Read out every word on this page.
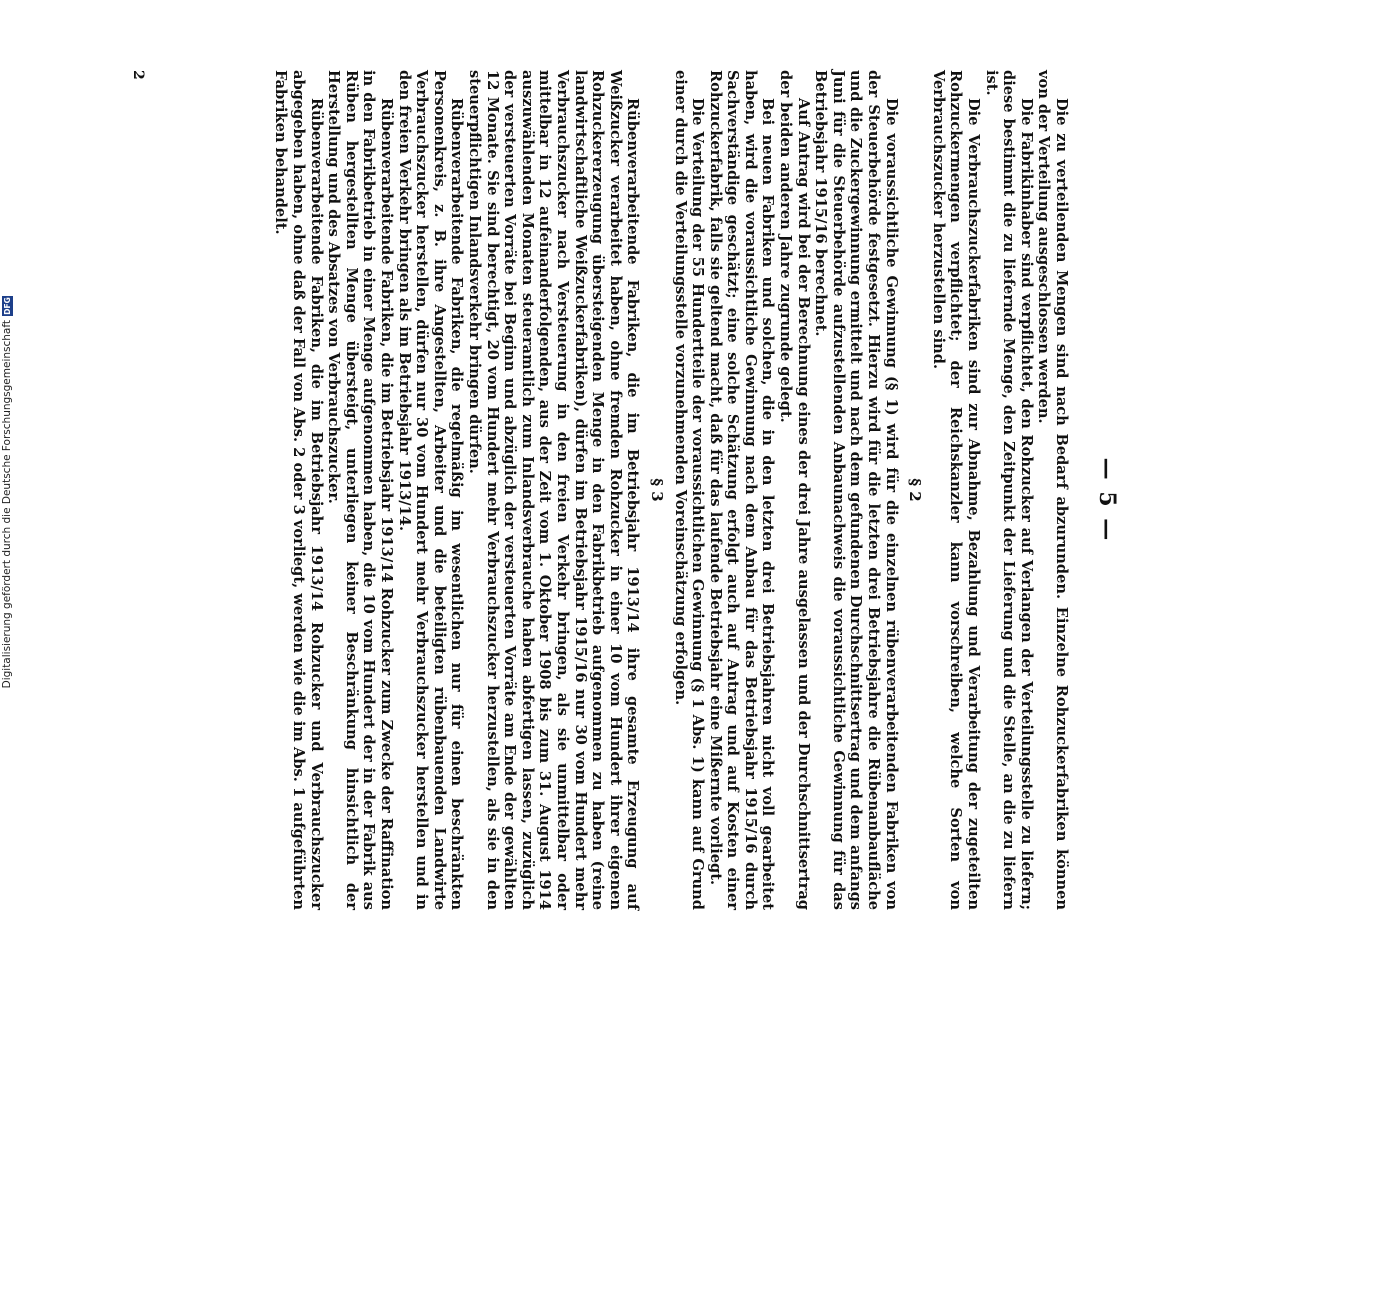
— 5 —

Die zu verteilenden Mengen sind nach Bedarf abzurunden. Einzelne Rohzuckerfabriken können von der Verteilung ausgeschlossen werden.

Die Fabrikinhaber sind verpflichtet, den Rohzucker auf Verlangen der Verteilungsstelle zu liefern; diese bestimmt die zu liefernde Menge, den Zeitpunkt der Lieferung und die Stelle, an die zu liefern ist.

Die Verbrauchszuckerfabriken sind zur Abnahme, Bezahlung und Verarbeitung der zugeteilten Rohzuckermengen verpflichtet; der Reichskanzler kann vorschreiben, welche Sorten von Verbrauchszucker herzustellen sind.

§ 2

Die voraussichtliche Gewinnung (§ 1) wird für die einzelnen rübenverarbeitenden Fabriken von der Steuerbehörde festgesetzt. Hierzu wird für die letzten drei Betriebsjahre die Rübenanbaufläche und die Zuckergewinnung ermittelt und nach dem gefundenen Durchschnittsertrag und dem anfangs Juni für die Steuerbehörde aufzustellenden Anbaunachweis die voraussichtliche Gewinnung für das Betriebsjahr 1915/16 berechnet.

Auf Antrag wird bei der Berechnung eines der drei Jahre ausgelassen und der Durchschnittsertrag der beiden anderen Jahre zugrunde gelegt.

Bei neuen Fabriken und solchen, die in den letzten drei Betriebsjahren nicht voll gearbeitet haben, wird die voraussichtliche Gewinnung nach dem Anbau für das Betriebsjahr 1915/16 durch Sachverständige geschätzt; eine solche Schätzung erfolgt auch auf Antrag und auf Kosten einer Rohzuckerfabrik, falls sie geltend macht, daß für das laufende Betriebsjahr eine Mißernte vorliegt.

Die Verteilung der 55 Hundertteile der voraussichtlichen Gewinnung (§ 1 Abs. 1) kann auf Grund einer durch die Verteilungsstelle vorzunehmenden Voreinschätzung erfolgen.

§ 3

Rübenverarbeitende Fabriken, die im Betriebsjahr 1913/14 ihre gesamte Erzeugung auf Weißzucker verarbeitet haben, ohne fremden Rohzucker in einer 10 vom Hundert ihrer eigenen Rohzuckererzeugung übersteigenden Menge in den Fabrikbetrieb aufgenommen zu haben (reine landwirtschaftliche Weißzuckerfabriken), dürfen im Betriebsjahr 1915/16 nur 30 vom Hundert mehr Verbrauchszucker nach Versteuerung in den freien Verkehr bringen, als sie unmittelbar oder mittelbar in 12 aufeinanderfolgenden, aus der Zeit vom 1. Oktober 1908 bis zum 31. August 1914 auszuwählenden Monaten steueramtlich zum Inlandsverbrauche haben abfertigen lassen, zuzüglich der versteuerten Vorräte bei Beginn und abzüglich der versteuerten Vorräte am Ende der gewählten 12 Monate. Sie sind berechtigt, 20 vom Hundert mehr Verbrauchszucker herzustellen, als sie in den steuerpflichtigen Inlandsverkehr bringen dürfen.

Rübenverarbeitende Fabriken, die regelmäßig im wesentlichen nur für einen beschränkten Personenkreis, z. B. ihre Angestellten, Arbeiter und die beteiligten rübenbauenden Landwirte Verbrauchszucker herstellen, dürfen nur 30 vom Hundert mehr Verbrauchszucker herstellen und in den freien Verkehr bringen als im Betriebsjahr 1913/14.

Rübenverarbeitende Fabriken, die im Betriebsjahr 1913/14 Rohzucker zum Zwecke der Raffination in den Fabrikbetrieb in einer Menge aufgenommen haben, die 10 vom Hundert der in der Fabrik aus Rüben hergestellten Menge übersteigt, unterliegen keiner Beschränkung hinsichtlich der Herstellung und des Absatzes von Verbrauchszucker.

Rübenverarbeitende Fabriken, die im Betriebsjahr 1913/14 Rohzucker und Verbrauchszucker abgegeben haben, ohne daß der Fall von Abs. 2 oder 3 vorliegt, werden wie die im Abs. 1 aufgeführten Fabriken behandelt.

2
Digitalisierung gefördert durch die Deutsche Forschungsgemeinschaft
DFG
